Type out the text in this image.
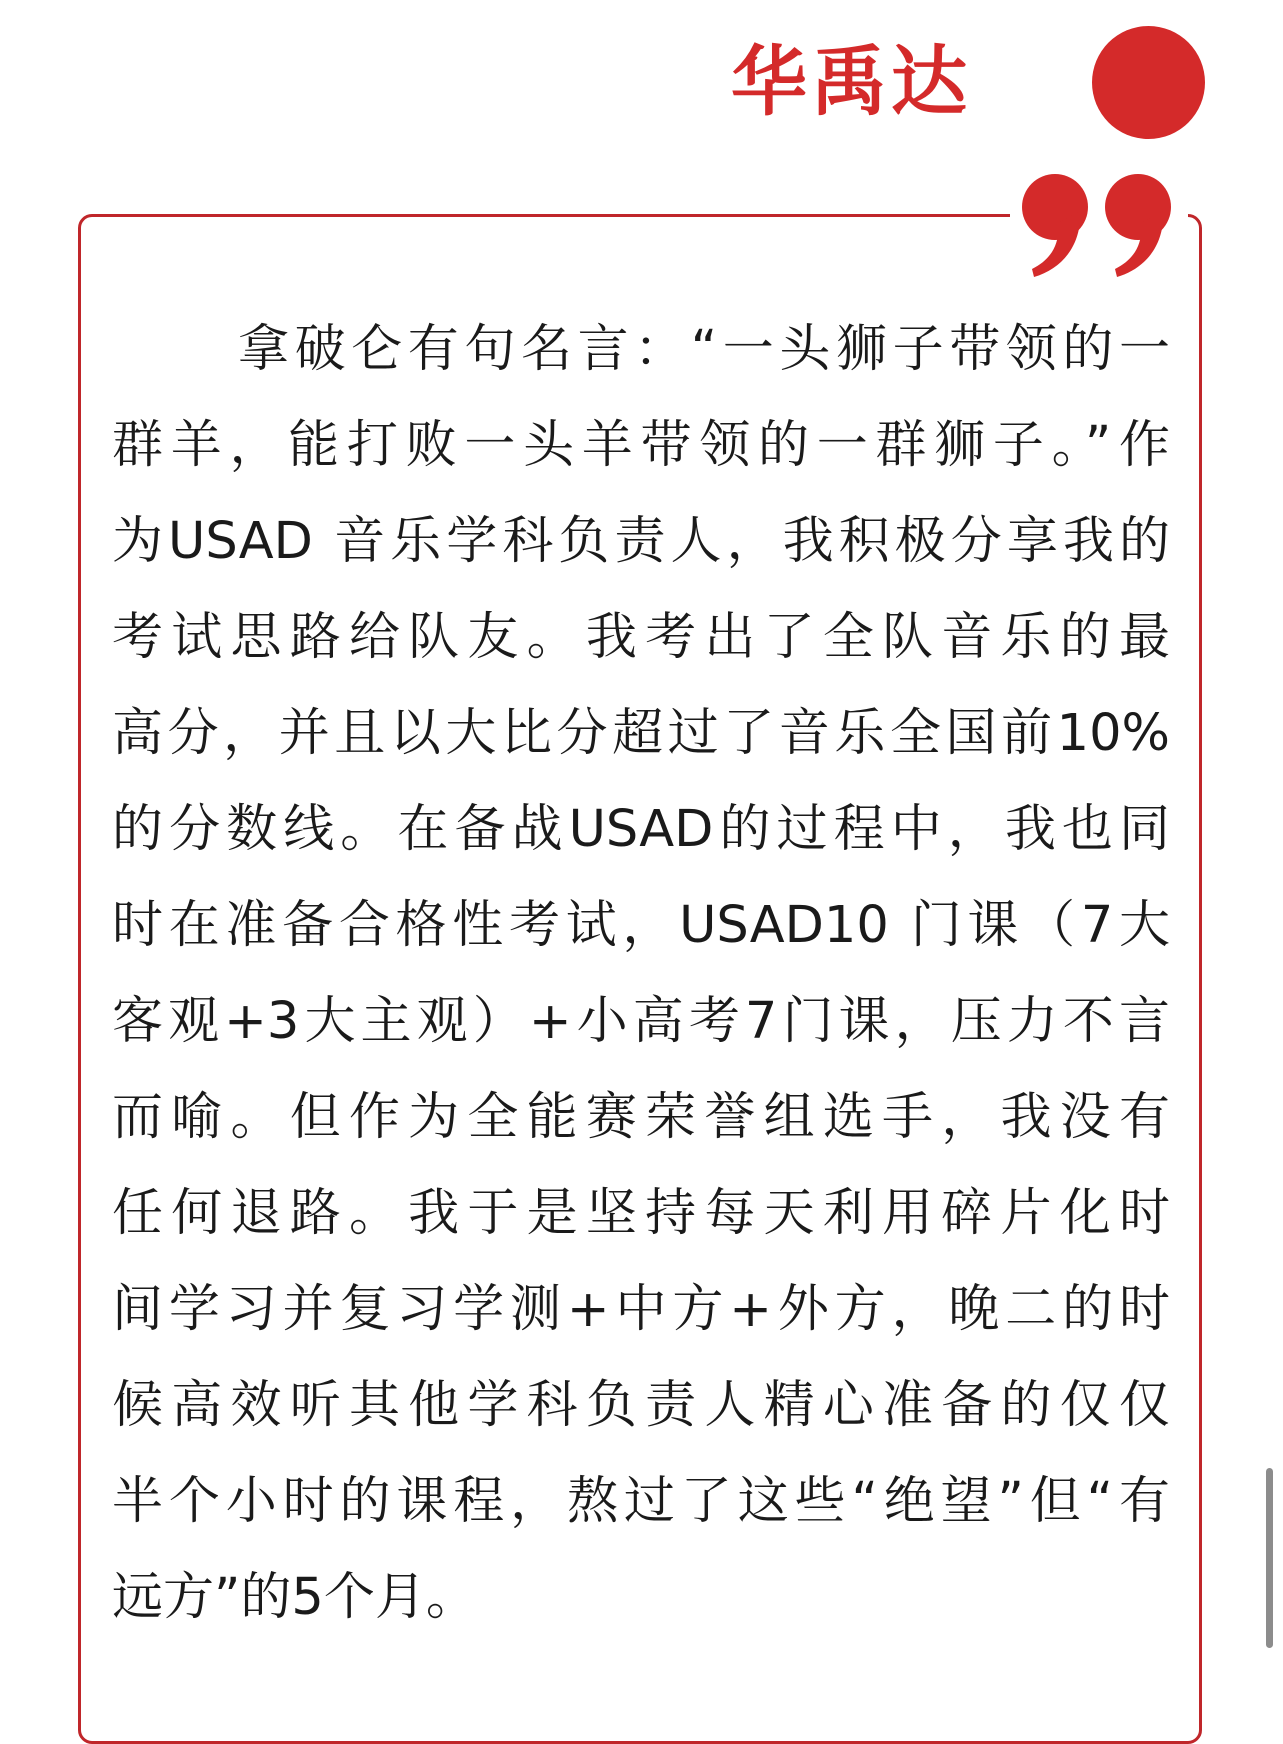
华禹达
拿破仑有句名言：“一头狮子带领的一
群羊，能打败一头羊带领的一群狮子。”作
为USAD 音乐学科负责人，我积极分享我的
考试思路给队友。我考出了全队音乐的最
高分，并且以大比分超过了音乐全国前10%
的分数线。在备战USAD的过程中，我也同
时在准备合格性考试，USAD10 门课（7大
客观+3大主观）+小高考7门课，压力不言
而喻。但作为全能赛荣誉组选手，我没有
任何退路。我于是坚持每天利用碎片化时
间学习并复习学测+中方+外方，晚二的时
候高效听其他学科负责人精心准备的仅仅
半个小时的课程，熬过了这些“绝望”但“有
远方”的5个月。
